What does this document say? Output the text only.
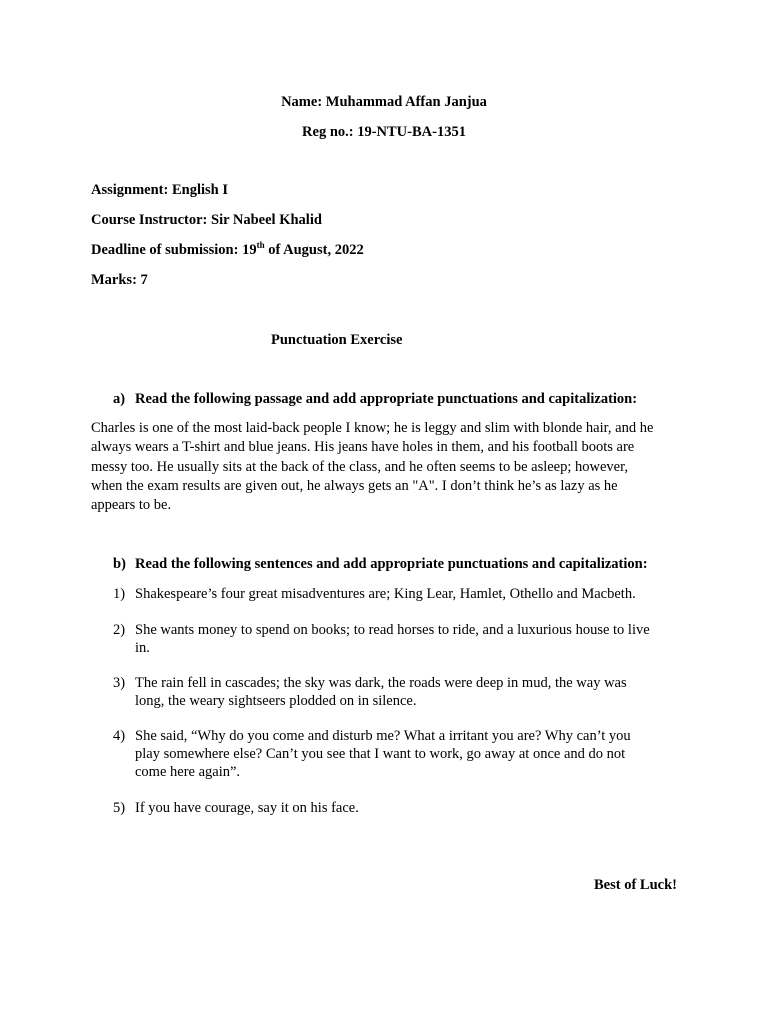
Name: Muhammad Affan Janjua
Reg no.: 19-NTU-BA-1351
Assignment: English I
Course Instructor: Sir Nabeel Khalid
Deadline of submission: 19th of August, 2022
Marks: 7
Punctuation Exercise
a) Read the following passage and add appropriate punctuations and capitalization:
Charles is one of the most laid-back people I know; he is leggy and slim with blonde hair, and he
always wears a T-shirt and blue jeans. His jeans have holes in them, and his football boots are
messy too. He usually sits at the back of the class, and he often seems to be asleep; however,
when the exam results are given out, he always gets an "A". I don’t think he’s as lazy as he
appears to be.
b) Read the following sentences and add appropriate punctuations and capitalization:
1) Shakespeare’s four great misadventures are; King Lear, Hamlet, Othello and Macbeth.
2) She wants money to spend on books; to read horses to ride, and a luxurious house to live
in.
3) The rain fell in cascades; the sky was dark, the roads were deep in mud, the way was
long, the weary sightseers plodded on in silence.
4) She said, “Why do you come and disturb me? What a irritant you are? Why can’t you
play somewhere else? Can’t you see that I want to work, go away at once and do not
come here again”.
5) If you have courage, say it on his face.
Best of Luck!
